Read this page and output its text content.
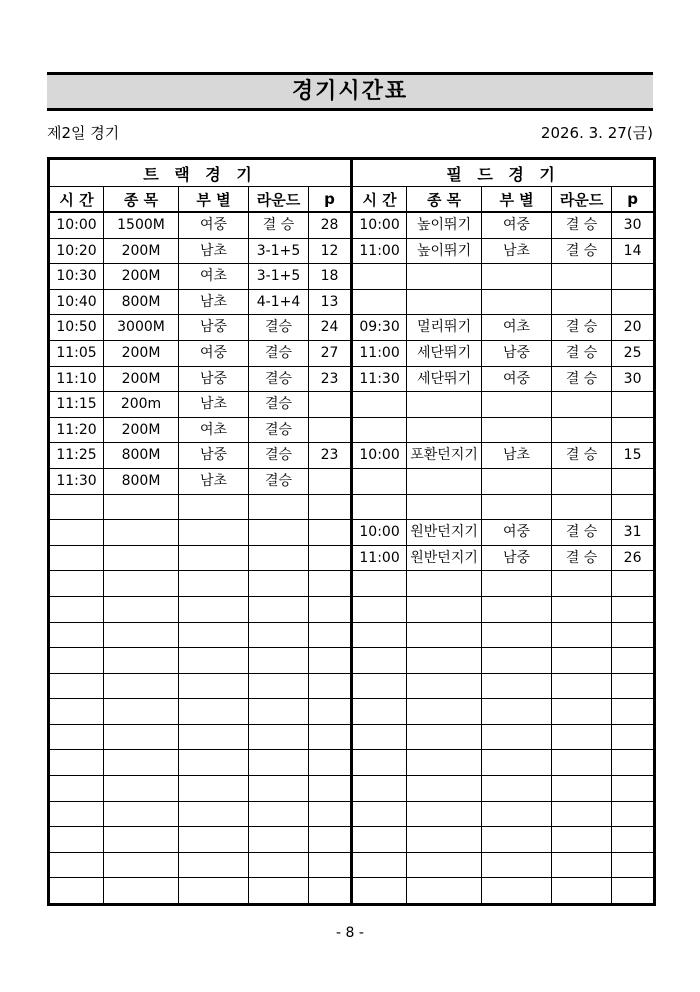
경기시간표
제2일 경기	2026. 3. 27(금)
트 랙 경 기					필 드 경 기				
시 간	종 목	부 별	라운드	p	시 간	종 목	부 별	라운드	p
10:00	1500M	여중	결 승	28	10:00	높이뛰기	여중	결 승	30
10:20	200M	남초	3-1+5	12	11:00	높이뛰기	남초	결 승	14
10:30	200M	여초	3-1+5	18					
10:40	800M	남초	4-1+4	13					
10:50	3000M	남중	결승	24	09:30	멀리뛰기	여초	결 승	20
11:05	200M	여중	결승	27	11:00	세단뛰기	남중	결 승	25
11:10	200M	남중	결승	23	11:30	세단뛰기	여중	결 승	30
11:15	200m	남초	결승						
11:20	200M	여초	결승						
11:25	800M	남중	결승	23	10:00	포환던지기	남초	결 승	15
11:30	800M	남초	결승						

					10:00	원반던지기	여중	결 승	31
					11:00	원반던지기	남중	결 승	26

- 8 -
